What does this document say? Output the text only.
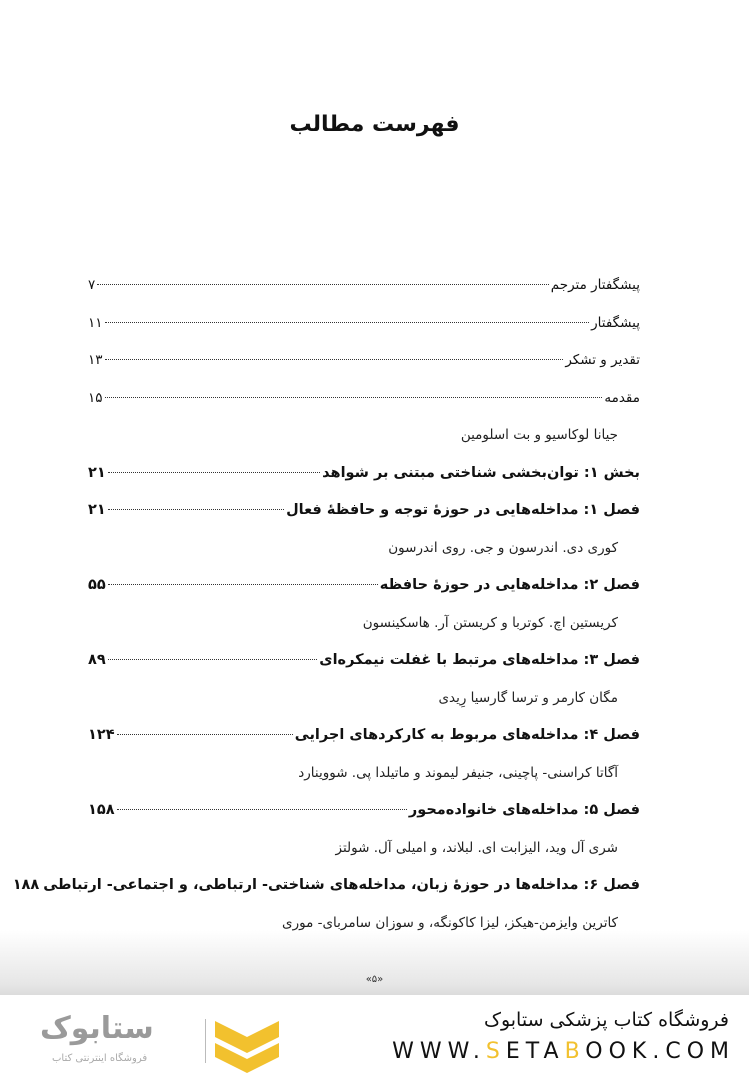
فهرست مطالب
پیشگفتار مترجم
۷
پیشگفتار
۱۱
تقدیر و تشکر
۱۳
مقدمه
۱۵
جیانا لوکاسیو و بت اسلومین
بخش ۱: توان‌بخشی شناختی مبتنی بر شواهد
۲۱
فصل ۱: مداخله‌هایی در حوزهٔ توجه و حافظهٔ فعال
۲۱
کوری دی. اندرسون و جی. روی اندرسون
فصل ۲: مداخله‌هایی در حوزهٔ حافظه
۵۵
کریستین اچ. کوتربا و کریستن آر. هاسکینسون
فصل ۳: مداخله‌های مرتبط با غفلت نیمکره‌ای
۸۹
مگان کارمر و ترسا گارسیا رِیدی
فصل ۴: مداخله‌های مربوط به کارکردهای اجرایی
۱۲۴
آگاتا کراسنی- پاچینی، جنیفر لیموند و ماتیلدا پی. شووینارد
فصل ۵: مداخله‌های خانواده‌محور
۱۵۸
شری آل وید، الیزابت ای. لبلاند، و امیلی آل. شولتز
فصل ۶: مداخله‌ها در حوزهٔ زبان، مداخله‌های شناختی- ارتباطی، و اجتماعی- ارتباطی
۱۸۸
کاترین وایزمن-هیکز، لیزا کاکونگه، و سوزان سامربای- موری
«۵»
ستابوک
فروشگاه اینترنتی کتاب
فروشگاه کتاب پزشکی ستابوک
WWW.SETABOOK.COM
